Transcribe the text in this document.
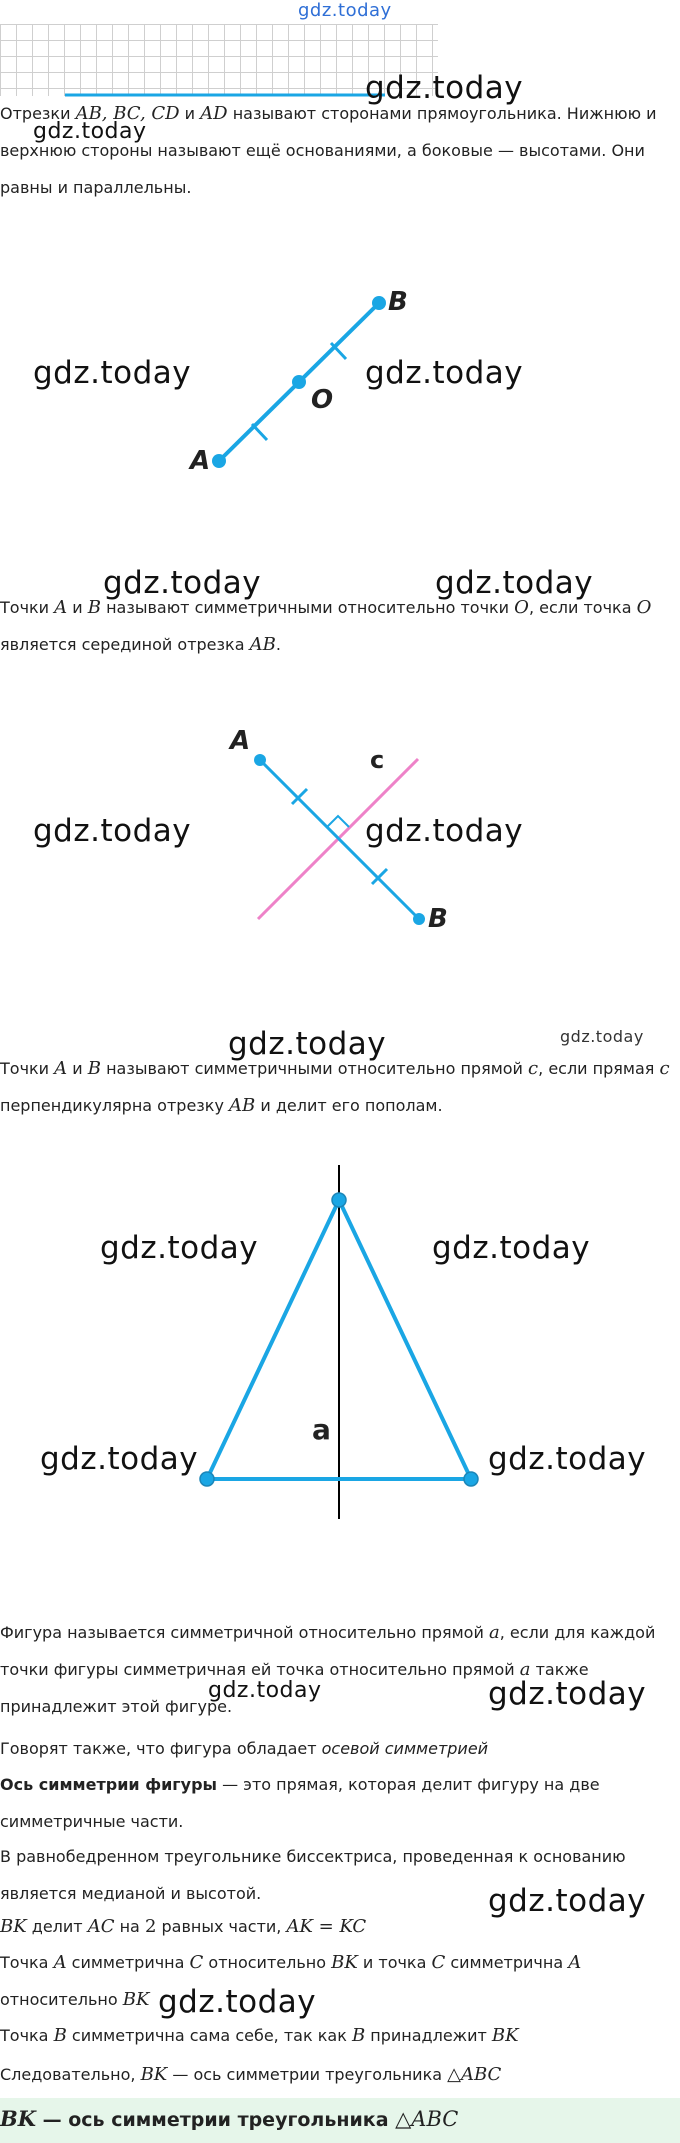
gdz.today
gdz.today

Отрезки AB, BC, CD и AD называют сторонами прямоугольника. Нижнюю и верхнюю стороны называют ещё основаниями, а боковые — высотами. Они равны и параллельны.

gdz.today
A
B
O
gdz.today	gdz.today
gdz.today	gdz.today

Точки A и B называют симметричными относительно точки O, если точка O является серединой отрезка AB.

A
B
c
gdz.today	gdz.today
gdz.today	gdz.today

Точки A и B называют симметричными относительно прямой c, если прямая c перпендикулярна отрезку AB и делит его пополам.

a
gdz.today	gdz.today
gdz.today	gdz.today

Фигура называется симметричной относительно прямой a, если для каждой точки фигуры симметричная ей точка относительно прямой a также принадлежит этой фигуре.

gdz.today	gdz.today

Говорят также, что фигура обладает осевой симметрией

Ось симметрии фигуры — это прямая, которая делит фигуру на две симметричные части.

В равнобедренном треугольнике биссектриса, проведенная к основанию является медианой и высотой.	gdz.today

BK делит AC на 2 равных части, AK = KC

Точка A симметрична C относительно BK и точка C симметрична A относительно BK gdz.today

Точка B симметрична сама себе, так как B принадлежит BK

Следовательно, BK — ось симметрии треугольника △ABC

BK — ось симметрии треугольника △ABC
